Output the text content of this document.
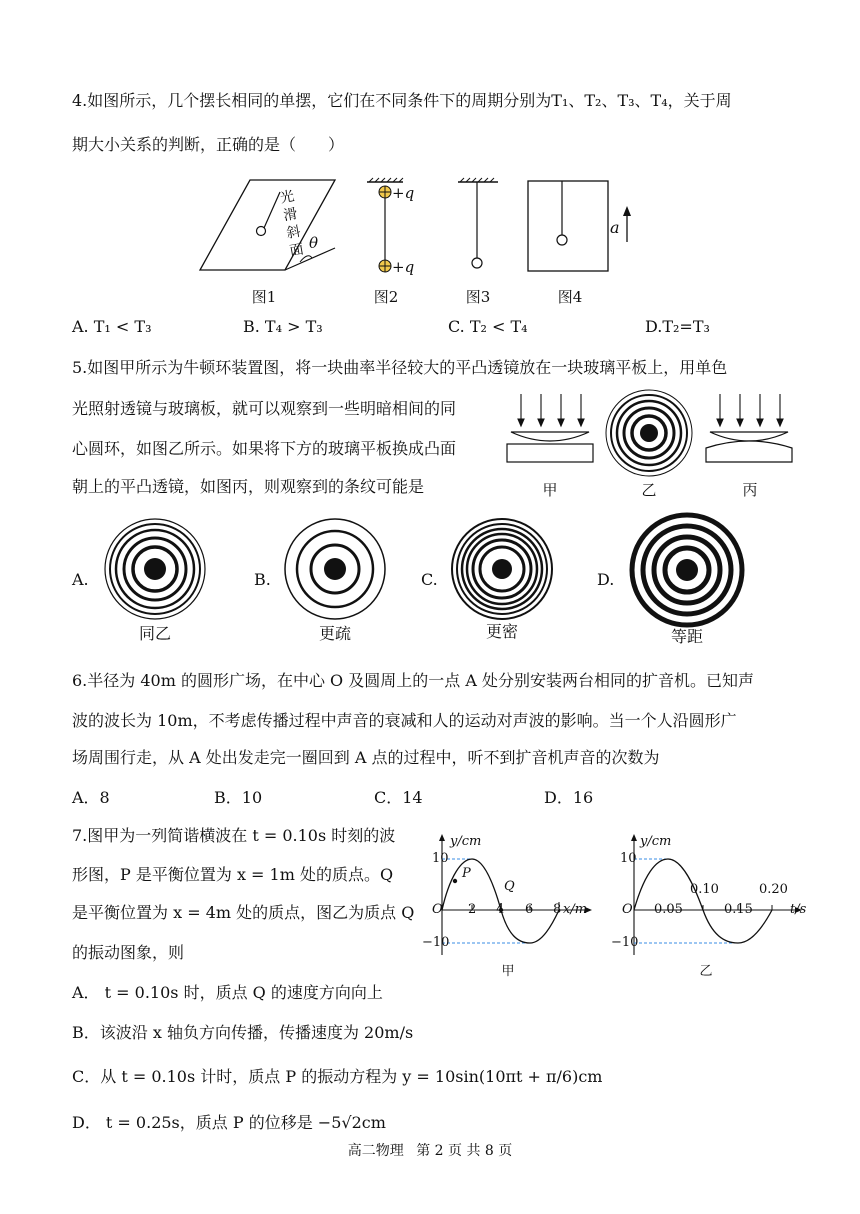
4.如图所示，几个摆长相同的单摆，它们在不同条件下的周期分别为T₁、T₂、T₃、T₄，关于周
期大小关系的判断，正确的是（　　）
光
滑
斜
面 θ
+q
+q
a
图1	图2	图3	图4
A. T₁ < T₃	B. T₄ > T₃	C. T₂ < T₄	D.T₂=T₃
5.如图甲所示为牛顿环装置图，将一块曲率半径较大的平凸透镜放在一块玻璃平板上，用单色
光照射透镜与玻璃板，就可以观察到一些明暗相间的同
心圆环，如图乙所示。如果将下方的玻璃平板换成凸面
朝上的平凸透镜，如图丙，则观察到的条纹可能是	甲	乙	丙
A.
同乙
B.
更疏
C.
更密
D.
等距
6.半径为 40m 的圆形广场，在中心 O 及圆周上的一点 A 处分别安装两台相同的扩音机。已知声
波的波长为 10m，不考虑传播过程中声音的衰减和人的运动对声波的影响。当一个人沿圆形广
场周围行走，从 A 处出发走完一圈回到 A 点的过程中，听不到扩音机声音的次数为
A．8	B．10	C．14	D．16
7.图甲为一列简谐横波在 t = 0.10s 时刻的波
形图，P 是平衡位置为 x = 1m 处的质点。Q
是平衡位置为 x = 4m 处的质点，图乙为质点 Q
的振动图象，则
y/cm
10
−10
O 2 4 6 8 x/m
P
Q
甲
y/cm
10
−10
O 0.05	0.15
0.10	0.20
t/s
乙
A． t = 0.10s 时，质点 Q 的速度方向向上
B．该波沿 x 轴负方向传播，传播速度为 20m/s
C．从 t = 0.10s 计时，质点 P 的振动方程为 y = 10sin(10πt + π/6)cm
D． t = 0.25s，质点 P 的位移是 −5√2cm
高二物理 第 2 页 共 8 页
